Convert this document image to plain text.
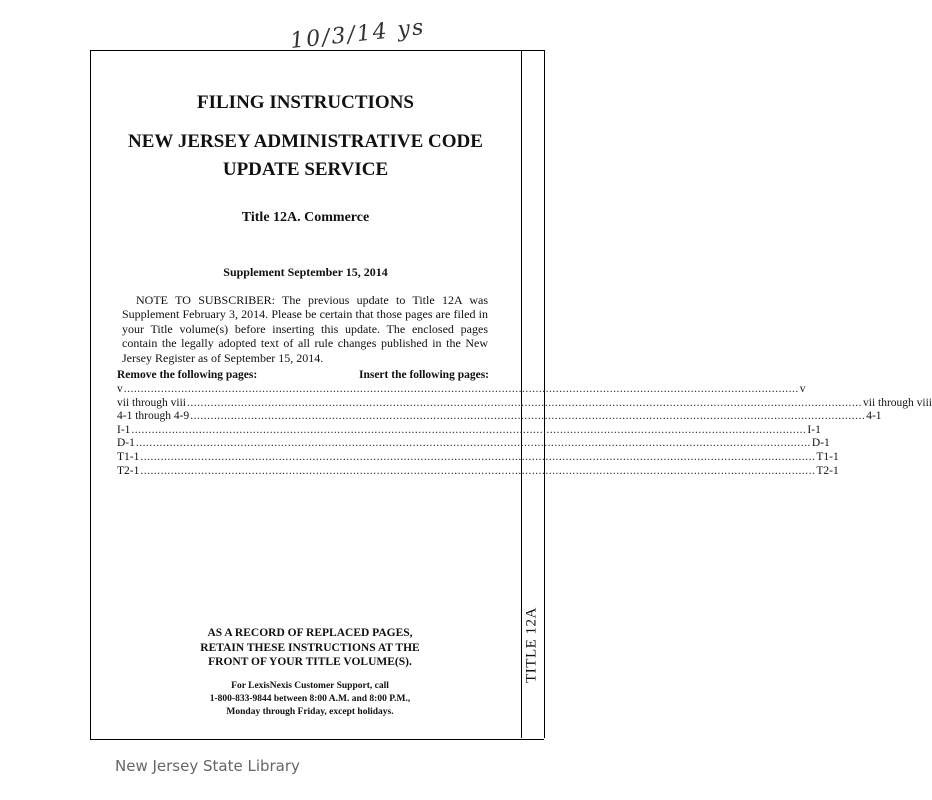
10/3/14 ys
TITLE 12A
FILING INSTRUCTIONS
NEW JERSEY ADMINISTRATIVE CODE
UPDATE SERVICE
Title 12A. Commerce
Supplement September 15, 2014
NOTE TO SUBSCRIBER: The previous update to Title 12A was Supplement February 3, 2014. Please be certain that those pages are filed in your Title volume(s) before inserting this update. The enclosed pages contain the legally adopted text of all rule changes published in the New Jersey Register as of September 15, 2014.
Remove the following pages:	Insert the following pages:
v ........................................................................................................................................................................................................ v
vii through viii ........................................................................................................................................................................................................ vii through viii
4-1 through 4-9 ........................................................................................................................................................................................................ 4-1
I-1 ........................................................................................................................................................................................................ I-1
D-1 ........................................................................................................................................................................................................ D-1
T1-1 ........................................................................................................................................................................................................ T1-1
T2-1 ........................................................................................................................................................................................................ T2-1
AS A RECORD OF REPLACED PAGES,
RETAIN THESE INSTRUCTIONS AT THE
FRONT OF YOUR TITLE VOLUME(S).
For LexisNexis Customer Support, call
1-800-833-9844 between 8:00 A.M. and 8:00 P.M.,
Monday through Friday, except holidays.
New Jersey State Library
